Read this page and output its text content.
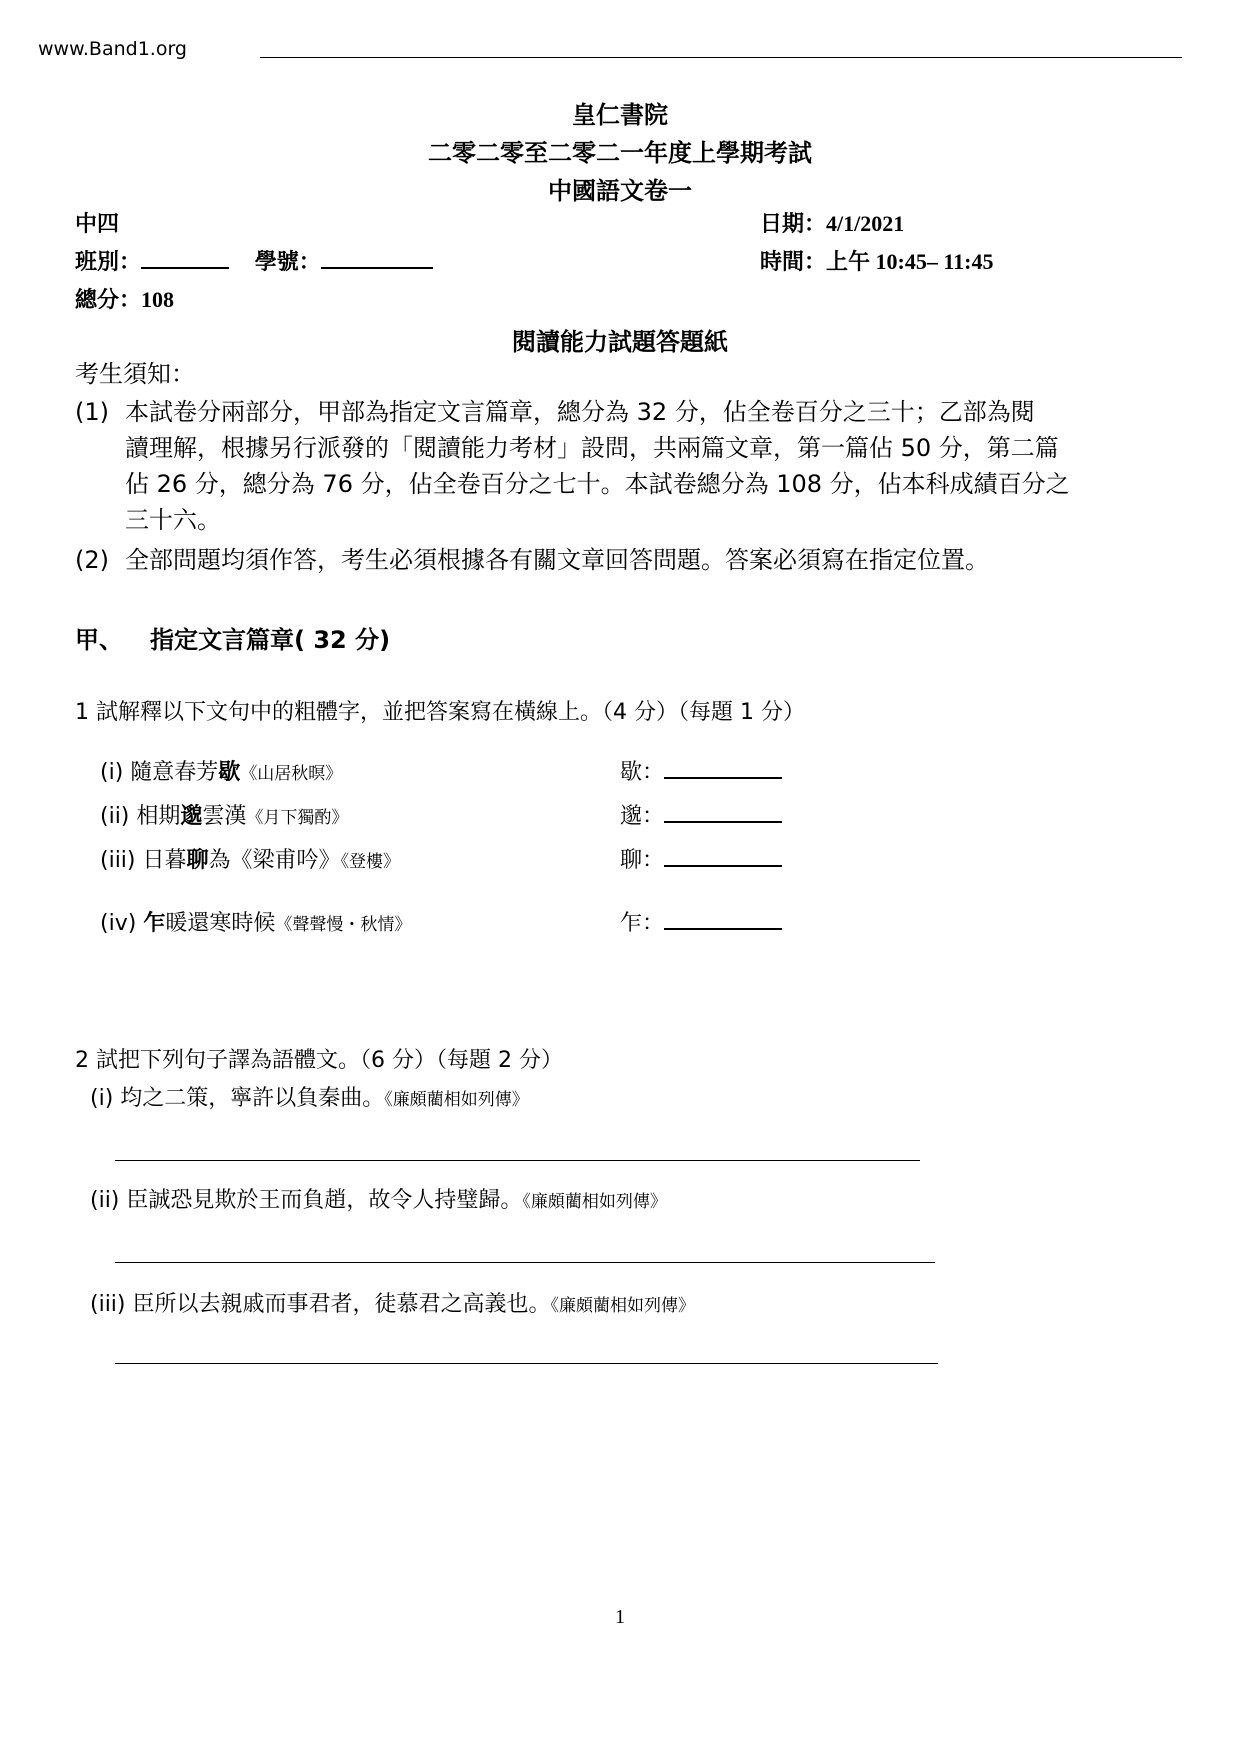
www.Band1.org
皇仁書院
二零二零至二零二一年度上學期考試
中國語文卷一
中四
班別：	學號：
總分：108
日期：4/1/2021
時間：上午 10:45– 11:45
閱讀能力試題答題紙
考生須知：
(1) 本試卷分兩部分，甲部為指定文言篇章，總分為 32 分，佔全卷百分之三十；乙部為閱
讀理解，根據另行派發的「閱讀能力考材」設問，共兩篇文章，第一篇佔 50 分，第二篇
佔 26 分，總分為 76 分，佔全卷百分之七十。本試卷總分為 108 分，佔本科成績百分之
三十六。
(2) 全部問題均須作答，考生必須根據各有關文章回答問題。答案必須寫在指定位置。
甲、 指定文言篇章( 32 分)
1 試解釋以下文句中的粗體字，並把答案寫在橫線上。（4 分）（每題 1 分）
(i) 隨意春芳歇《山居秋暝》	歇：
(ii) 相期邈雲漢《月下獨酌》	邈：
(iii) 日暮聊為《梁甫吟》《登樓》	聊：
(iv) 乍暖還寒時候《聲聲慢・秋情》	乍：
2 試把下列句子譯為語體文。（6 分）（每題 2 分）
(i) 均之二策，寧許以負秦曲。《廉頗藺相如列傳》
(ii) 臣誠恐見欺於王而負趙，故令人持璧歸。《廉頗藺相如列傳》
(iii) 臣所以去親戚而事君者，徒慕君之高義也。《廉頗藺相如列傳》
1
